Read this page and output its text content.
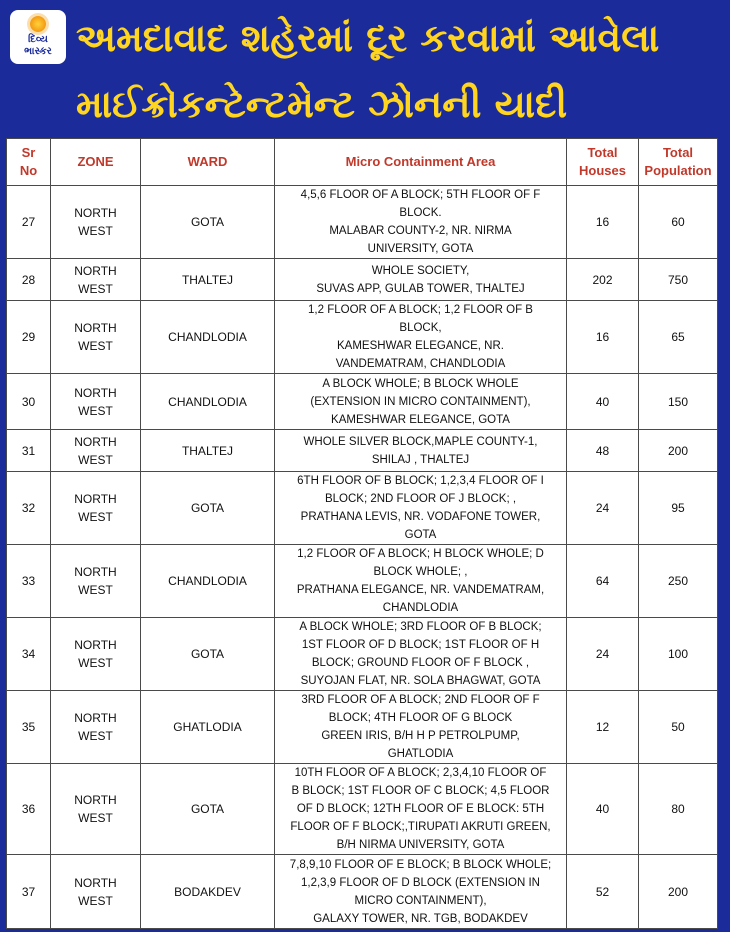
દિવ્ય
ભાસ્કર અમદાવાદ શહેરમાં દૂર કરવામાં આવેલા
માઈક્રોકન્ટેન્ટમેન્ટ ઝોનની યાદી
Sr
No	ZONE	WARD	Micro Containment Area	Total
Houses	Total
Population
27	NORTH
WEST	GOTA	4,5,6 FLOOR OF A BLOCK; 5TH FLOOR OF F
BLOCK.
MALABAR COUNTY-2, NR. NIRMA
UNIVERSITY, GOTA	16	60
28	NORTH
WEST	THALTEJ	WHOLE SOCIETY,
SUVAS APP, GULAB TOWER, THALTEJ	202	750
29	NORTH
WEST	CHANDLODIA	1,2 FLOOR OF A BLOCK; 1,2 FLOOR OF B
BLOCK,
KAMESHWAR ELEGANCE, NR.
VANDEMATRAM, CHANDLODIA	16	65
30	NORTH
WEST	CHANDLODIA	A BLOCK WHOLE; B BLOCK WHOLE
(EXTENSION IN MICRO CONTAINMENT),
KAMESHWAR ELEGANCE, GOTA	40	150
31	NORTH
WEST	THALTEJ	WHOLE SILVER BLOCK,MAPLE COUNTY-1,
SHILAJ , THALTEJ	48	200
32	NORTH
WEST	GOTA	6TH FLOOR OF B BLOCK; 1,2,3,4 FLOOR OF I
BLOCK; 2ND FLOOR OF J BLOCK; ,
PRATHANA LEVIS, NR. VODAFONE TOWER,
GOTA	24	95
33	NORTH
WEST	CHANDLODIA	1,2 FLOOR OF A BLOCK; H BLOCK WHOLE; D
BLOCK WHOLE; ,
PRATHANA ELEGANCE, NR. VANDEMATRAM,
CHANDLODIA	64	250
34	NORTH
WEST	GOTA	A BLOCK WHOLE; 3RD FLOOR OF B BLOCK;
1ST FLOOR OF D BLOCK; 1ST FLOOR OF H
BLOCK; GROUND FLOOR OF F BLOCK ,
SUYOJAN FLAT, NR. SOLA BHAGWAT, GOTA	24	100
35	NORTH
WEST	GHATLODIA	3RD FLOOR OF A BLOCK; 2ND FLOOR OF F
BLOCK; 4TH FLOOR OF G BLOCK
GREEN IRIS, B/H H P PETROLPUMP,
GHATLODIA	12	50
36	NORTH
WEST	GOTA	10TH FLOOR OF A BLOCK; 2,3,4,10 FLOOR OF
B BLOCK; 1ST FLOOR OF C BLOCK; 4,5 FLOOR
OF D BLOCK; 12TH FLOOR OF E BLOCK: 5TH
FLOOR OF F BLOCK;,TIRUPATI AKRUTI GREEN,
B/H NIRMA UNIVERSITY, GOTA	40	80
37	NORTH
WEST	BODAKDEV	7,8,9,10 FLOOR OF E BLOCK; B BLOCK WHOLE;
1,2,3,9 FLOOR OF D BLOCK (EXTENSION IN
MICRO CONTAINMENT),
GALAXY TOWER, NR. TGB, BODAKDEV	52	200
